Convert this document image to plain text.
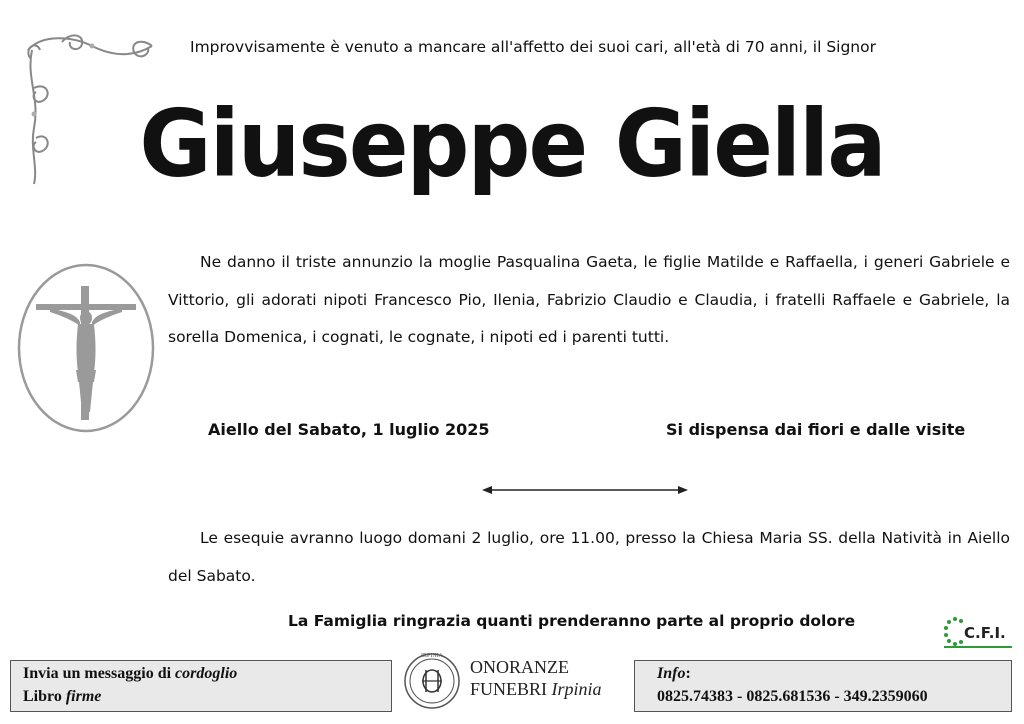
Improvvisamente è venuto a mancare all'affetto dei suoi cari, all'età di 70 anni, il Signor
Giuseppe Giella
Ne danno il triste annunzio la moglie Pasqualina Gaeta, le figlie Matilde e Raffaella, i generi Gabriele e Vittorio, gli adorati nipoti Francesco Pio, Ilenia, Fabrizio Claudio e Claudia, i fratelli Raffaele e Gabriele, la sorella Domenica, i cognati, le cognate, i nipoti ed i parenti tutti.
Aiello del Sabato, 1 luglio 2025	Si dispensa dai fiori e dalle visite
Le esequie avranno luogo domani 2 luglio, ore 11.00, presso la Chiesa Maria SS. della Natività in Aiello del Sabato.
La Famiglia ringrazia quanti prenderanno parte al proprio dolore
C.F.I.
Invia un messaggio di cordoglio
Libro firme
IRPINIA
ONORANZE
FUNEBRI Irpinia
Info:
0825.74383 - 0825.681536 - 349.2359060
